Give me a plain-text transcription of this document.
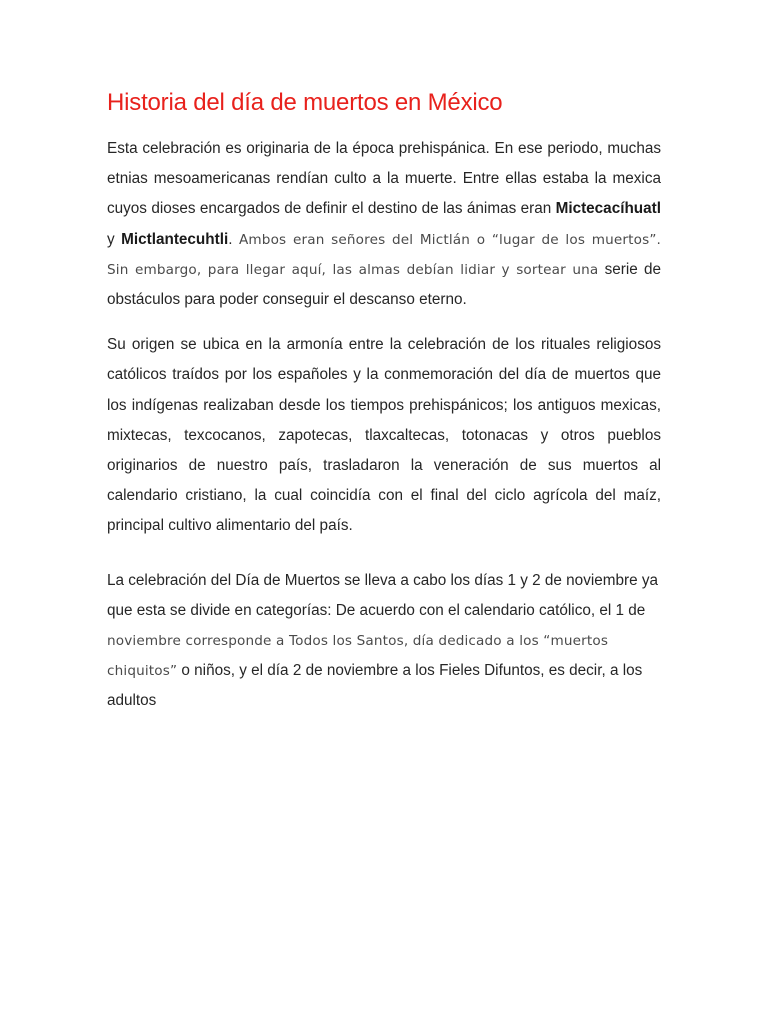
Historia del día de muertos en México

Esta celebración es originaria de la época prehispánica. En ese periodo, muchas etnias mesoamericanas rendían culto a la muerte. Entre ellas estaba la mexica cuyos dioses encargados de definir el destino de las ánimas eran Mictecacíhuatl y Mictlantecuhtli. Ambos eran señores del Mictlán o “lugar de los muertos”. Sin embargo, para llegar aquí, las almas debían lidiar y sortear una serie de obstáculos para poder conseguir el descanso eterno.

Su origen se ubica en la armonía entre la celebración de los rituales religiosos católicos traídos por los españoles y la conmemoración del día de muertos que los indígenas realizaban desde los tiempos prehispánicos; los antiguos mexicas, mixtecas, texcocanos, zapotecas, tlaxcaltecas, totonacas y otros pueblos originarios de nuestro país, trasladaron la veneración de sus muertos al calendario cristiano, la cual coincidía con el final del ciclo agrícola del maíz, principal cultivo alimentario del país.

La celebración del Día de Muertos se lleva a cabo los días 1 y 2 de noviembre ya que esta se divide en categorías: De acuerdo con el calendario católico, el 1 de noviembre corresponde a Todos los Santos, día dedicado a los “muertos chiquitos” o niños, y el día 2 de noviembre a los Fieles Difuntos, es decir, a los adultos
